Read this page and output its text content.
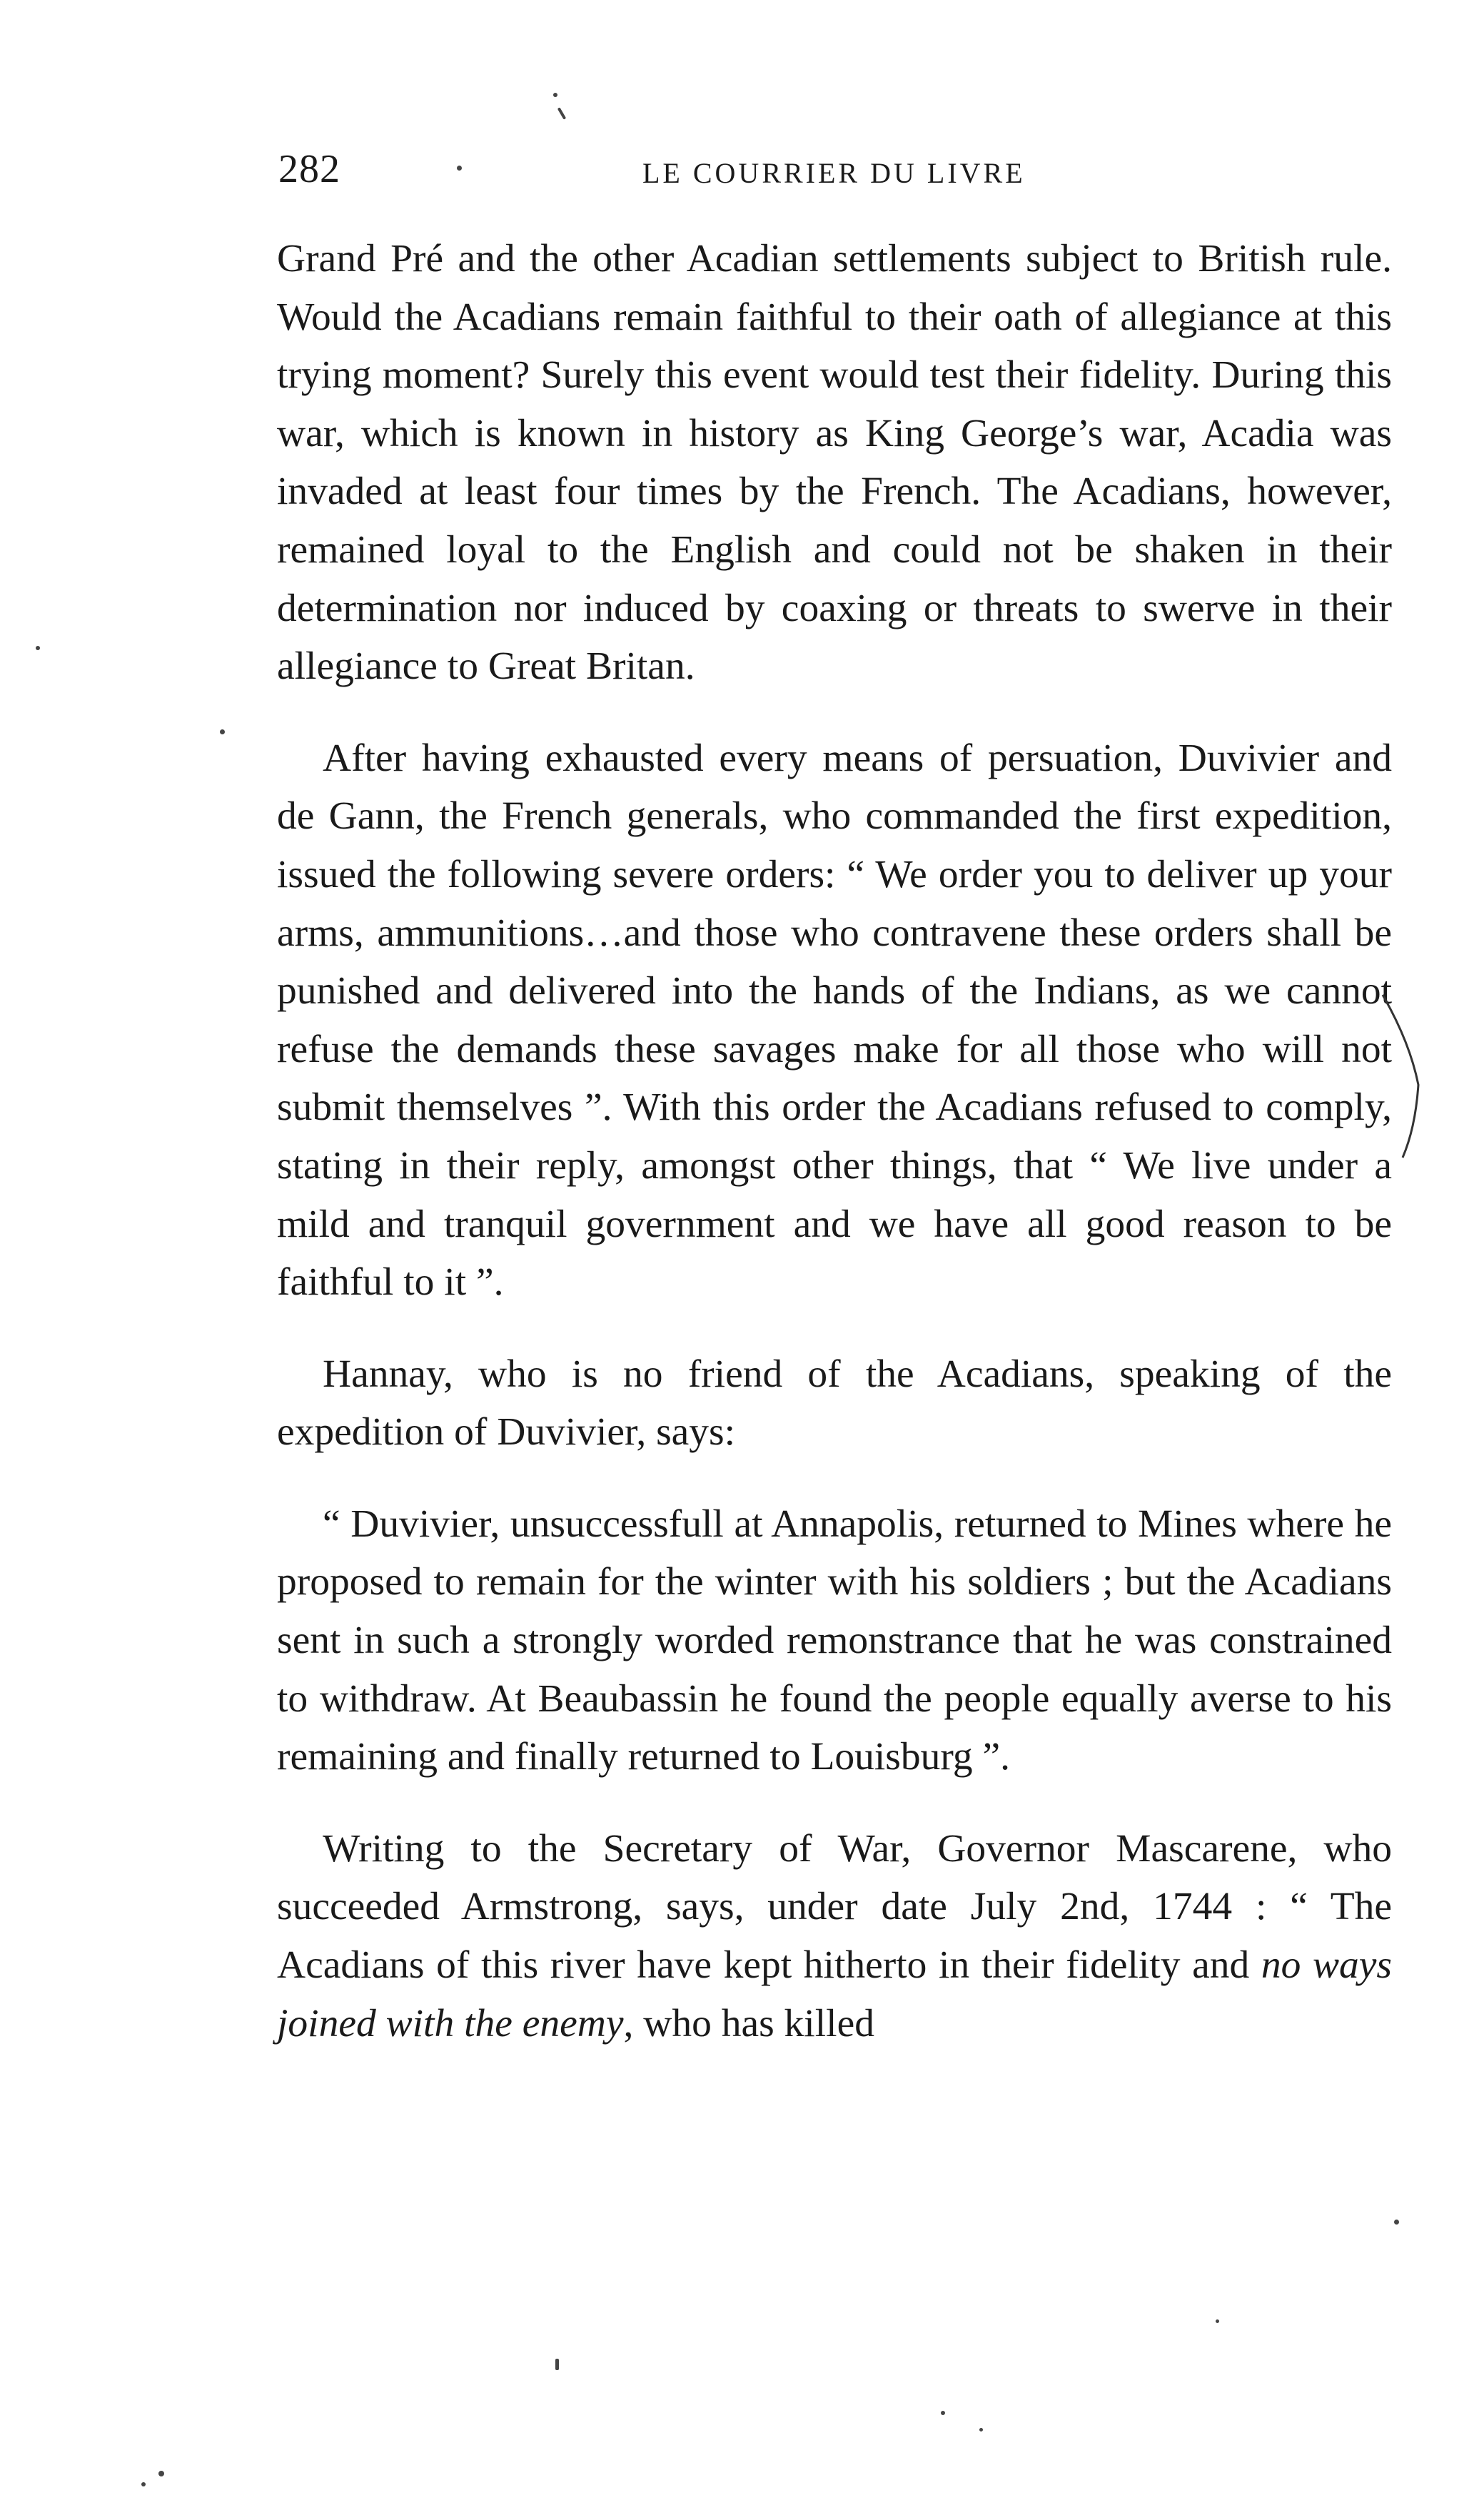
282	LE COURRIER DU LIVRE

Grand Pré and the other Acadian settlements subject to British rule. Would the Acadians remain faithful to their oath of allegiance at this trying moment? Surely this event would test their fidelity. During this war, which is known in history as King George’s war, Acadia was invaded at least four times by the French. The Acadians, however, remained loyal to the English and could not be shaken in their determination nor induced by coaxing or threats to swerve in their allegiance to Great Britan.

After having exhausted every means of persuation, Duvivier and de Gann, the French generals, who commanded the first expedition, issued the following severe orders: “ We order you to deliver up your arms, ammunitions…and those who contravene these orders shall be punished and delivered into the hands of the Indians, as we cannot refuse the demands these savages make for all those who will not submit themselves ”. With this order the Acadians refused to comply, stating in their reply, amongst other things, that “ We live under a mild and tranquil government and we have all good reason to be faithful to it ”.

Hannay, who is no friend of the Acadians, speaking of the expedition of Duvivier, says:

“ Duvivier, unsuccessfull at Annapolis, returned to Mines where he proposed to remain for the winter with his soldiers ; but the Acadians sent in such a strongly worded remonstrance that he was constrained to withdraw. At Beaubassin he found the people equally averse to his remaining and finally returned to Louisburg ”.

Writing to the Secretary of War, Governor Mascarene, who succeeded Armstrong, says, under date July 2nd, 1744 : “ The Acadians of this river have kept hitherto in their fidelity and no ways joined with the enemy, who has killed
